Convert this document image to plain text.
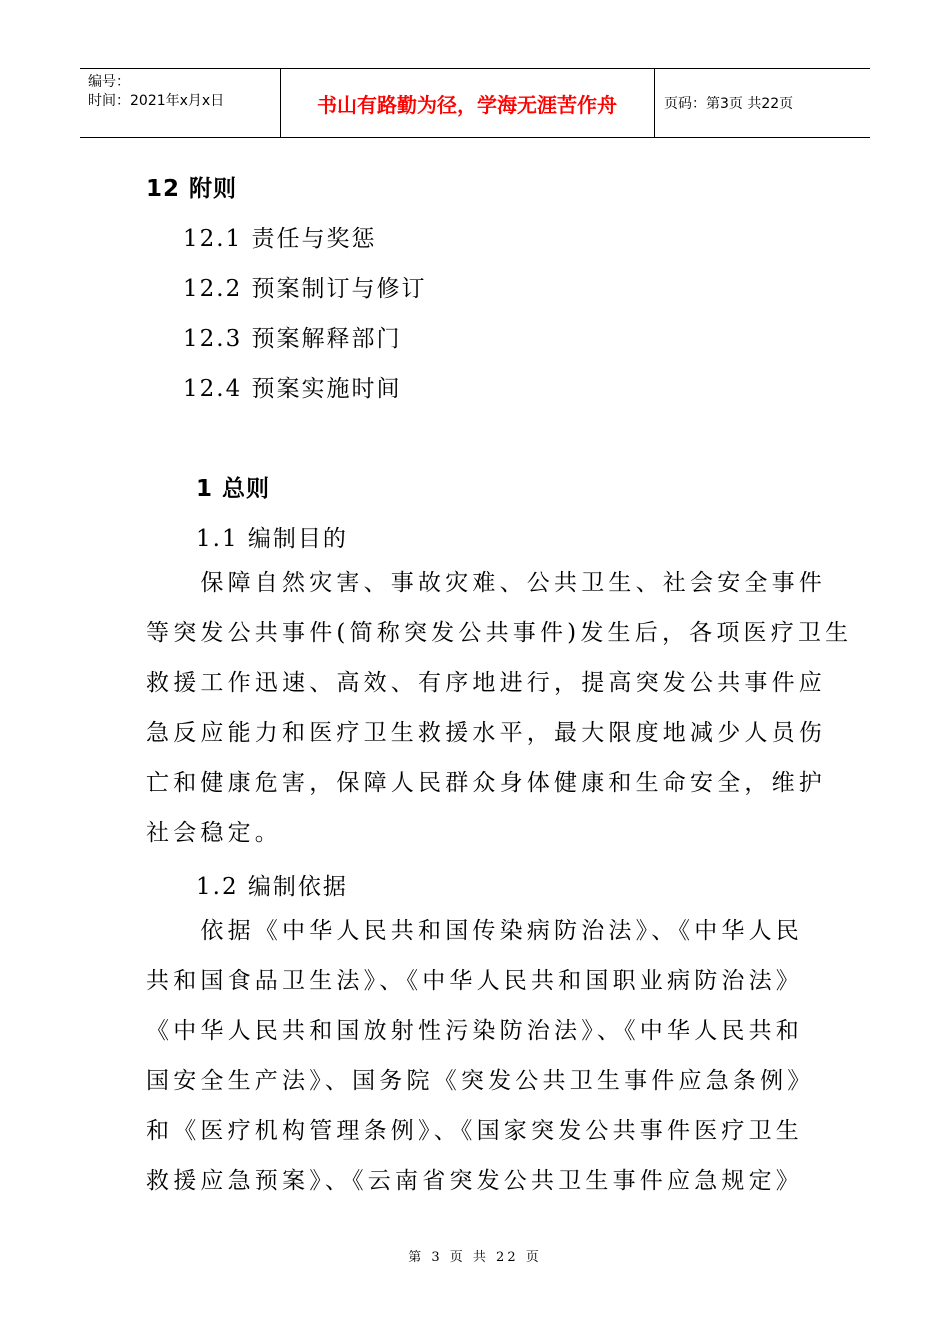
编号：
时间：2021年x月x日	书山有路勤为径，学海无涯苦作舟	页码：第3页 共22页
12 附则
12.1 责任与奖惩
12.2 预案制订与修订
12.3 预案解释部门
12.4 预案实施时间
1 总则
1.1 编制目的
　　保障自然灾害、事故灾难、公共卫生、社会安全事件
等突发公共事件(简称突发公共事件)发生后，各项医疗卫生
救援工作迅速、高效、有序地进行，提高突发公共事件应
急反应能力和医疗卫生救援水平，最大限度地减少人员伤
亡和健康危害，保障人民群众身体健康和生命安全，维护
社会稳定。
1.2 编制依据
　　依据《中华人民共和国传染病防治法》、《中华人民
共和国食品卫生法》、《中华人民共和国职业病防治法》
《中华人民共和国放射性污染防治法》、《中华人民共和
国安全生产法》、国务院《突发公共卫生事件应急条例》
和《医疗机构管理条例》、《国家突发公共事件医疗卫生
救援应急预案》、《云南省突发公共卫生事件应急规定》
第 3 页 共 22 页
